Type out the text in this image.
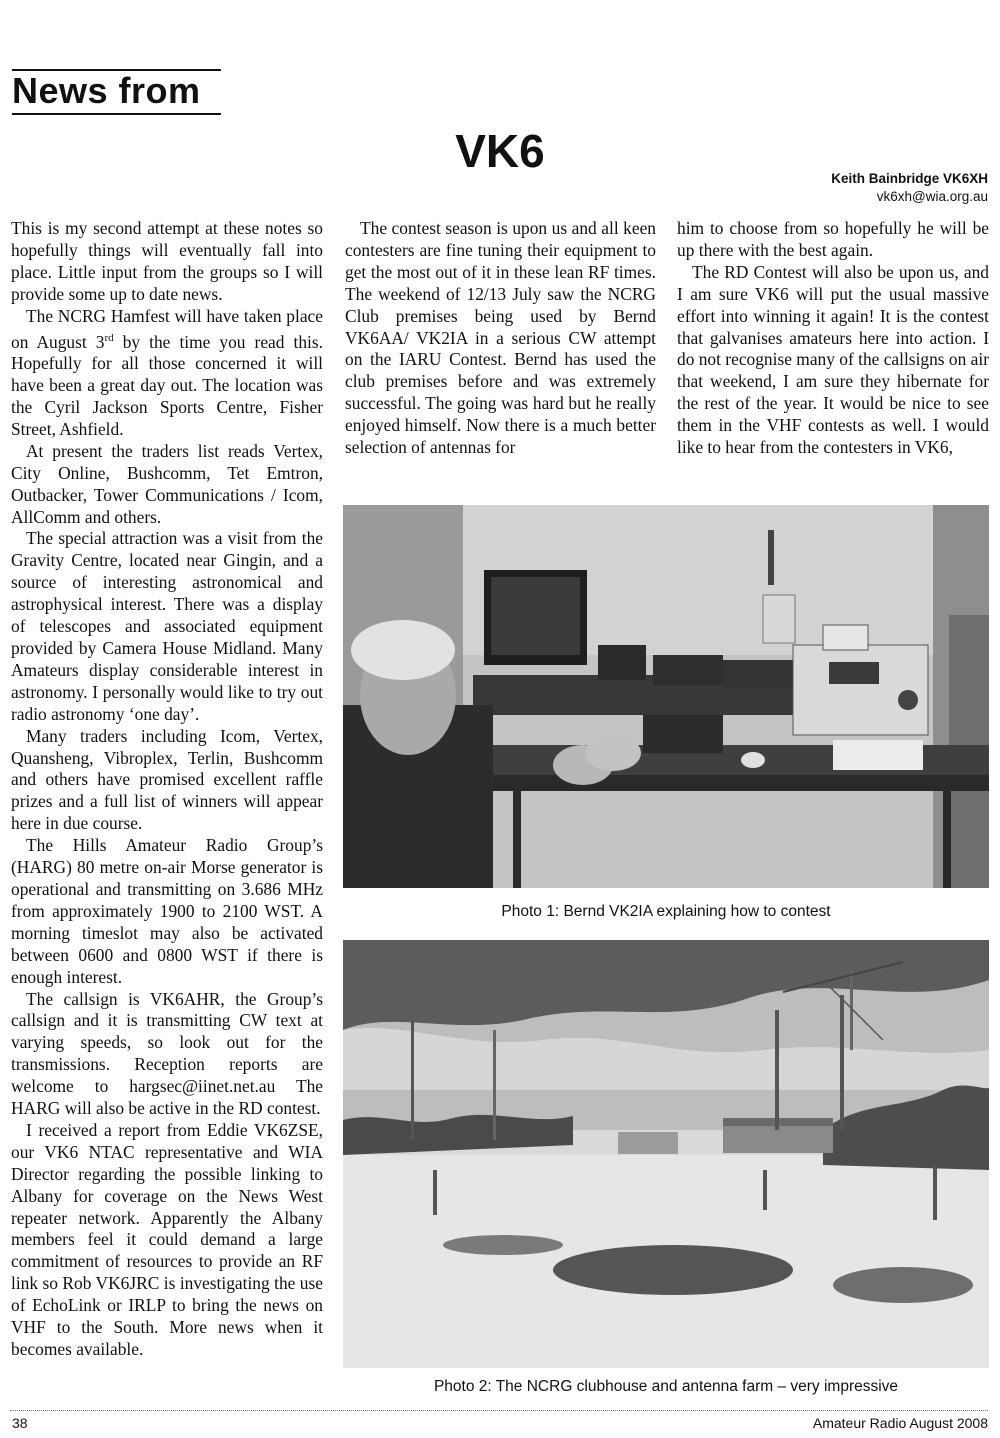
News from
VK6
Keith Bainbridge VK6XH
vk6xh@wia.org.au

This is my second attempt at these notes so hopefully things will eventually fall into place. Little input from the groups so I will provide some up to date news.

The NCRG Hamfest will have taken place on August 3rd by the time you read this. Hopefully for all those concerned it will have been a great day out. The location was the Cyril Jackson Sports Centre, Fisher Street, Ashfield.

At present the traders list reads Vertex, City Online, Bushcomm, Tet Emtron, Outbacker, Tower Communications / Icom, AllComm and others.

The special attraction was a visit from the Gravity Centre, located near Gingin, and a source of interesting astronomical and astrophysical interest. There was a display of telescopes and associated equipment provided by Camera House Midland. Many Amateurs display considerable interest in astronomy. I personally would like to try out radio astronomy ‘one day’.

Many traders including Icom, Vertex, Quansheng, Vibroplex, Terlin, Bushcomm and others have promised excellent raffle prizes and a full list of winners will appear here in due course.

The Hills Amateur Radio Group’s (HARG) 80 metre on-air Morse generator is operational and transmitting on 3.686 MHz from approximately 1900 to 2100 WST. A morning timeslot may also be activated between 0600 and 0800 WST if there is enough interest.

The callsign is VK6AHR, the Group’s callsign and it is transmitting CW text at varying speeds, so look out for the transmissions. Reception reports are welcome to hargsec@iinet.net.au The HARG will also be active in the RD contest.

I received a report from Eddie VK6ZSE, our VK6 NTAC representative and WIA Director regarding the possible linking to Albany for coverage on the News West repeater network. Apparently the Albany members feel it could demand a large commitment of resources to provide an RF link so Rob VK6JRC is investigating the use of EchoLink or IRLP to bring the news on VHF to the South. More news when it becomes available.

The contest season is upon us and all keen contesters are fine tuning their equipment to get the most out of it in these lean RF times. The weekend of 12/13 July saw the NCRG Club premises being used by Bernd VK6AA/ VK2IA in a serious CW attempt on the IARU Contest. Bernd has used the club premises before and was extremely successful. The going was hard but he really enjoyed himself. Now there is a much better selection of antennas for

him to choose from so hopefully he will be up there with the best again.

The RD Contest will also be upon us, and I am sure VK6 will put the usual massive effort into winning it again! It is the contest that galvanises amateurs here into action. I do not recognise many of the callsigns on air that weekend, I am sure they hibernate for the rest of the year. It would be nice to see them in the VHF contests as well. I would like to hear from the contesters in VK6,

Photo 1: Bernd VK2IA explaining how to contest
Photo 2: The NCRG clubhouse and antenna farm – very impressive
38	Amateur Radio August 2008
